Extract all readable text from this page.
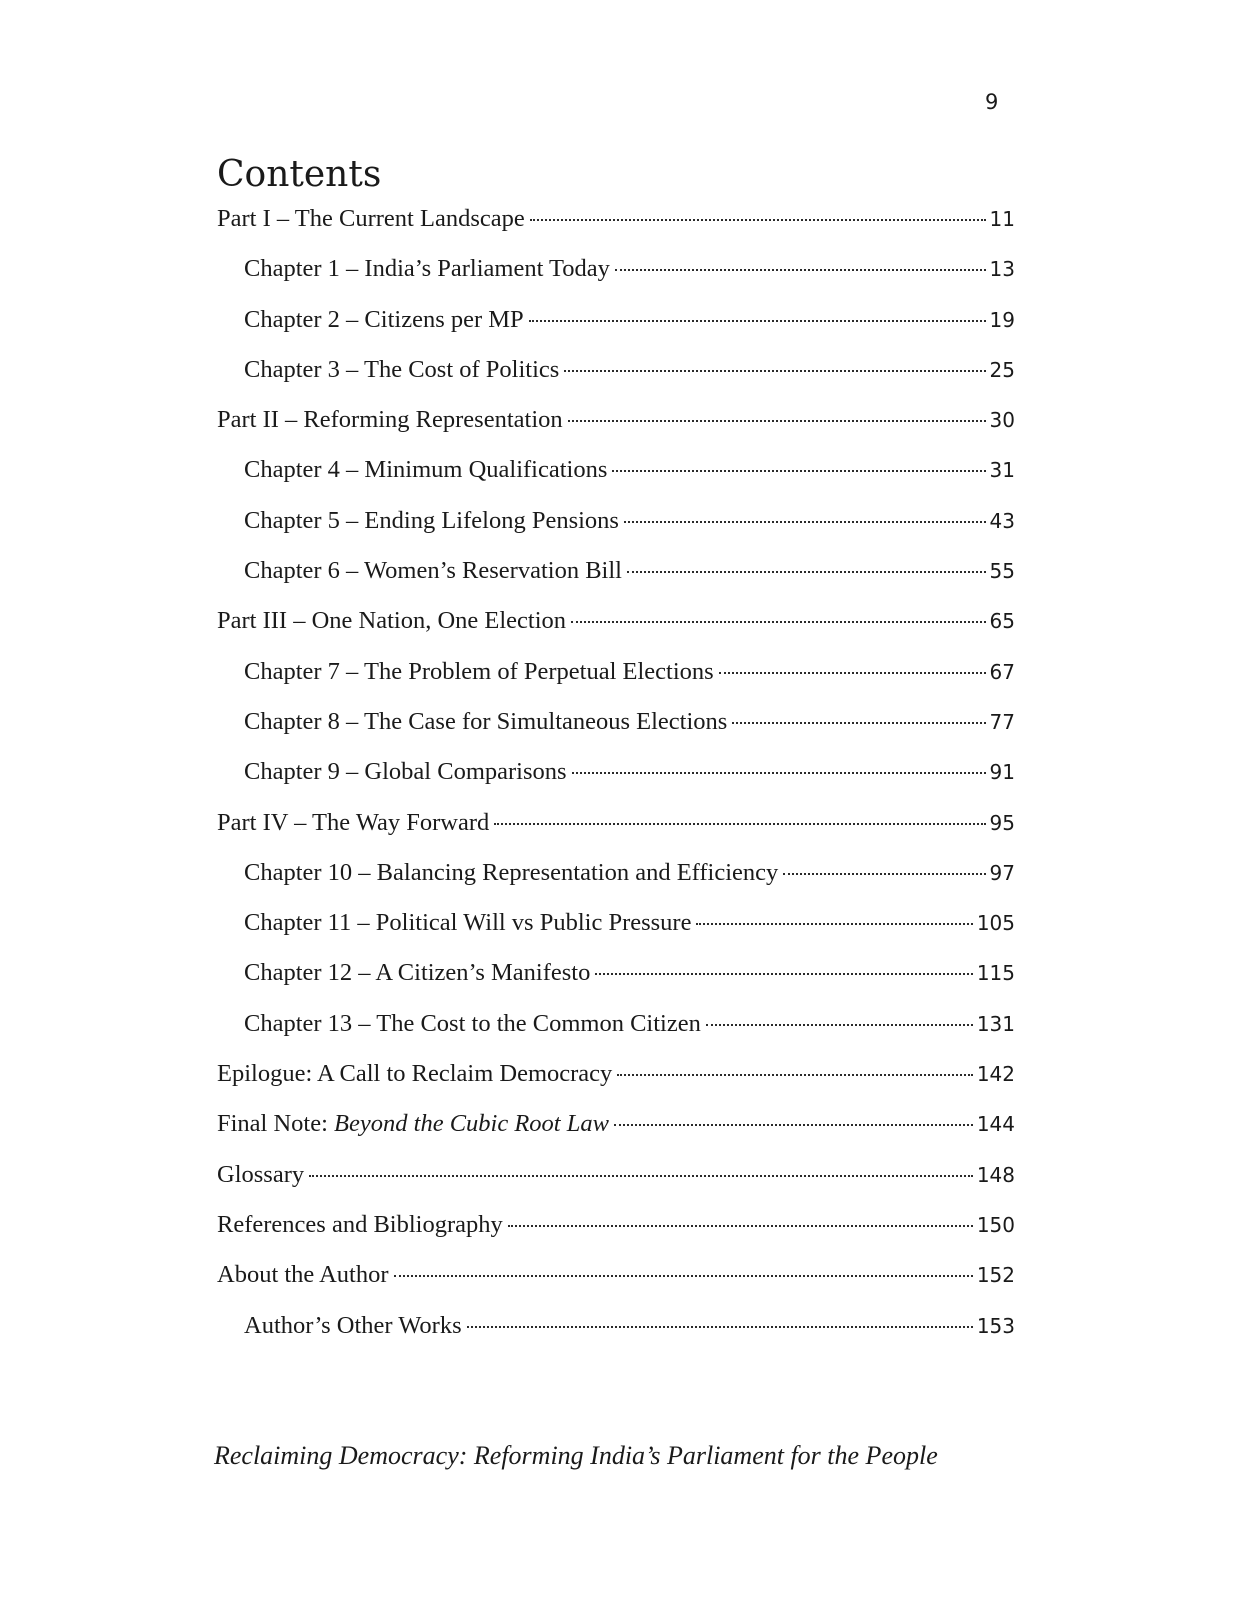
9
Contents
Part I – The Current Landscape	11
Chapter 1 – India’s Parliament Today	13
Chapter 2 – Citizens per MP	19
Chapter 3 – The Cost of Politics	25
Part II – Reforming Representation	30
Chapter 4 – Minimum Qualifications	31
Chapter 5 – Ending Lifelong Pensions	43
Chapter 6 – Women’s Reservation Bill	55
Part III – One Nation, One Election	65
Chapter 7 – The Problem of Perpetual Elections	67
Chapter 8 – The Case for Simultaneous Elections	77
Chapter 9 – Global Comparisons	91
Part IV – The Way Forward	95
Chapter 10 – Balancing Representation and Efficiency	97
Chapter 11 – Political Will vs Public Pressure	105
Chapter 12 – A Citizen’s Manifesto	115
Chapter 13 – The Cost to the Common Citizen	131
Epilogue: A Call to Reclaim Democracy	142
Final Note: Beyond the Cubic Root Law	144
Glossary	148
References and Bibliography	150
About the Author	152
Author’s Other Works	153

Reclaiming Democracy: Reforming India’s Parliament for the People
